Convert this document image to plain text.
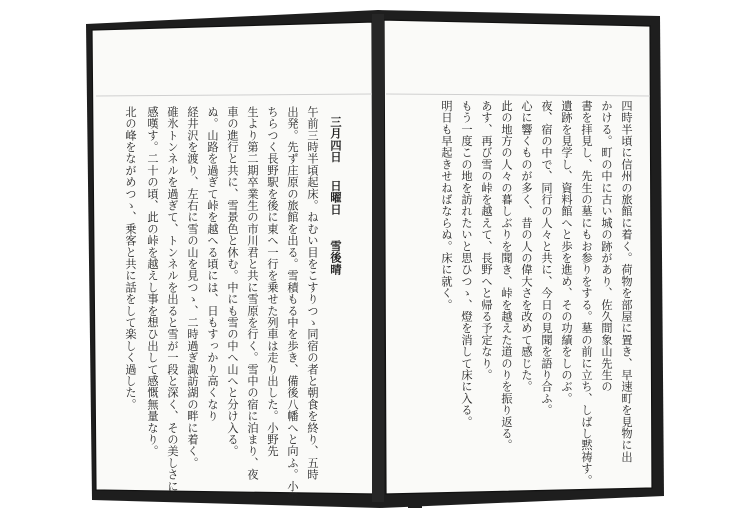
三月四日
日曜日
雪後晴
午前三時半頃起床。ねむい目をこすりつゝ同宿の者と朝食を終り、五時
出発。先ず庄原の旅館を出る。雪積もる中を歩き、備後八幡へと向ふ。小雪
ちらつく長野駅を後に東へ一行を乗せた列車は走り出した。小野先
生より第二期卒業生の市川君と共に雪原を行く。雪中の宿に泊まり、夜
車の進行と共に、雪景色と休む。中にも雪の中へ山へと分け入る。
ぬ。山路を過ぎて峠を越へる頃には、日もすっかり高くなり
経井沢を渡り、左右に雪の山を見つゝ、二時過ぎ諏訪湖の畔に着く。
碓氷トンネルを過ぎて、トンネルを出ると雪が一段と深く、その美しさに
感嘆す。二十の頃、此の峠を越えし事を想ひ出して感慨無量なり。
北の峰をながめつゝ、乗客と共に話をして楽しく過した。	四時半頃に信州の旅館に着く。荷物を部屋に置き、早速町を見物に出
かける。町の中に古い城の跡があり、佐久間象山先生の
書を拝見し、先生の墓にもお参りをする。墓の前に立ち、しばし黙祷す。
遺跡を見学し、資料館へと歩を進め、その功績をしのぶ。
夜、宿の中で、同行の人々と共に、今日の見聞を語り合ふ。
心に響くものが多く、昔の人の偉大さを改めて感じた。
此の地方の人々の暮しぶりを聞き、峠を越えた道のりを振り返る。
あす、再び雪の峠を越えて、長野へと帰る予定なり。
もう一度この地を訪れたいと思ひつゝ、燈を消して床に入る。
明日も早起きせねばならぬ。床に就く。
